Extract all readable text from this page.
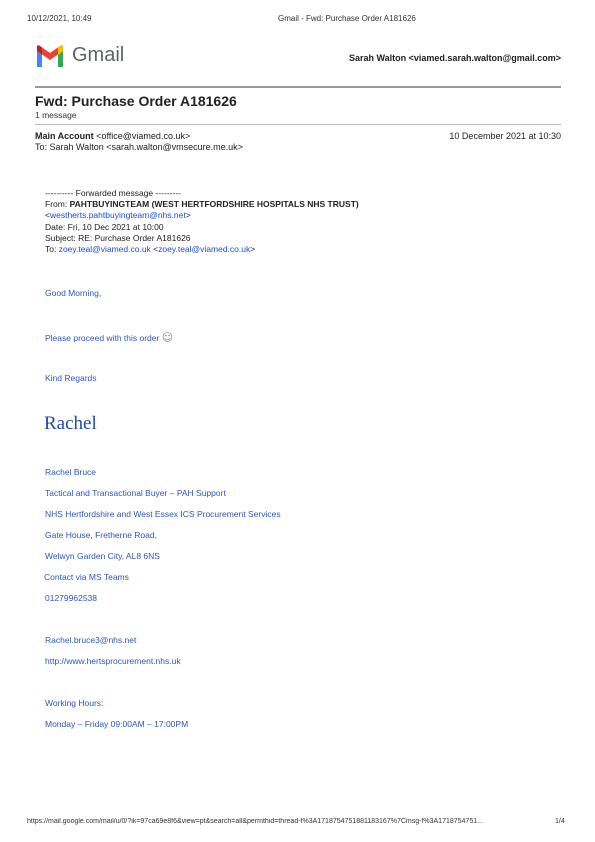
10/12/2021, 10:49	Gmail - Fwd: Purchase Order A181626
Gmail	Sarah Walton <viamed.sarah.walton@gmail.com>
Fwd: Purchase Order A181626
1 message
Main Account <office@viamed.co.uk>	10 December 2021 at 10:30
To: Sarah Walton <sarah.walton@vmsecure.me.uk>
---------- Forwarded message ---------
From: PAHTBUYINGTEAM (WEST HERTFORDSHIRE HOSPITALS NHS TRUST)
<westherts.pahtbuyingteam@nhs.net>
Date: Fri, 10 Dec 2021 at 10:00
Subject: RE: Purchase Order A181626
To: zoey.teal@viamed.co.uk <zoey.teal@viamed.co.uk>
Good Morning,
Please proceed with this order ☺
Kind Regards
Rachel
Rachel Bruce
Tactical and Transactional Buyer – PAH Support
NHS Hertfordshire and West Essex ICS Procurement Services
Gate House, Fretherne Road,
Welwyn Garden City, AL8 6NS
Contact via MS Teams
01279962538
Rachel.bruce3@nhs.net
http://www.hertsprocurement.nhs.uk
Working Hours:
Monday – Friday 09:00AM – 17:00PM
https://mail.google.com/mail/u/0/?ik=97ca69e8f6&view=pt&search=all&permthid=thread-f%3A1718754751881183167%7Cmsg-f%3A1718754751...	1/4
